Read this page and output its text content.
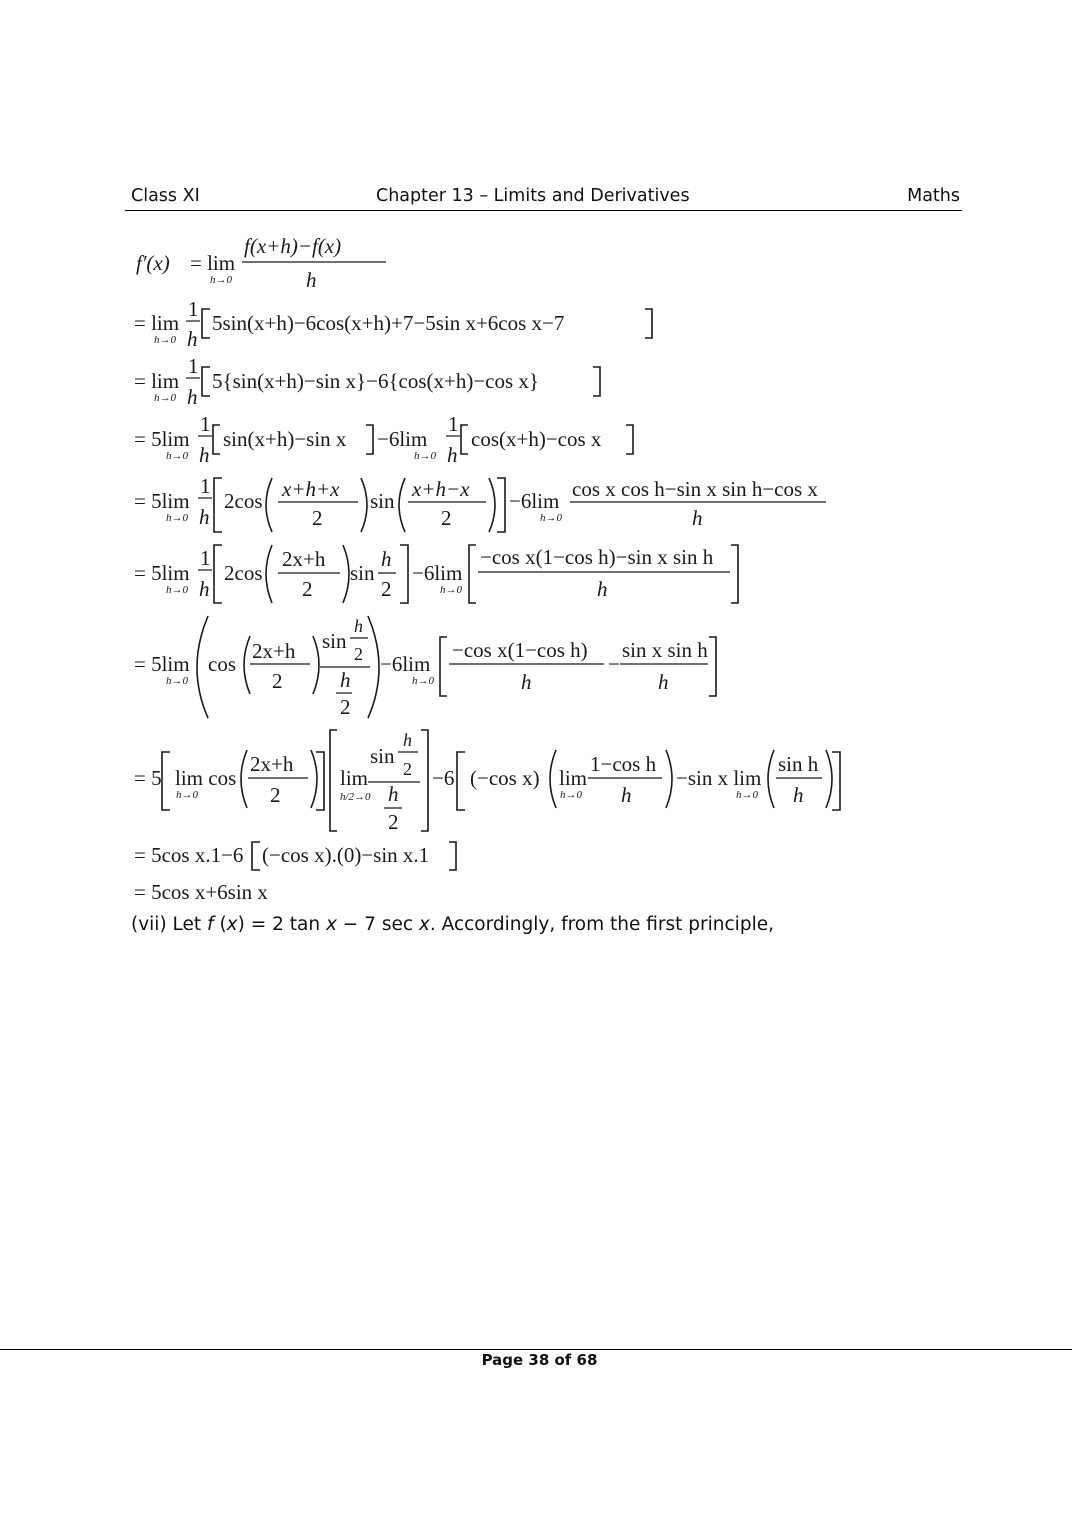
Class XI	Chapter 13 – Limits and Derivatives	Maths
f′(x) = lim
h→0
f(x+h)−f(x)
h
= lim
h→0
1
h
5sin(x+h)−6cos(x+h)+7−5sin x+6cos x−7
= lim
h→0
1
h
5{sin(x+h)−sin x}−6{cos(x+h)−cos x}
= 5lim
h→0
1
h
sin(x+h)−sin x −6lim
h→0
1
h
cos(x+h)−cos x
= 5lim
h→0
1
h
2cos x+h+x
2
sin x+h−x
2
−6lim
h→0
cos x cos h−sin x sin h−cos x
h
= 5lim
h→0
1
h
2cos
2x+h
2
sin
h
2
−6lim
h→0
−cos x(1−cos h)−sin x sin h
h
= 5lim
h→0
cos
2x+h
2
sin
h
2
h
2
−6lim
h→0
−cos x(1−cos h)
h
−
sin x sin h
h
= 5 lim cos
h→0
2x+h
2
lim
h/2→0
sin
h
2
h
2
−6 (−cos x) lim
h→0
1−cos h
h
−sin x lim
h→0
sin h
h
= 5cos x.1−6 (−cos x).(0)−sin x.1
= 5cos x+6sin x
(vii) Let f (x) = 2 tan x − 7 sec x. Accordingly, from the first principle,
Page 38 of 68
